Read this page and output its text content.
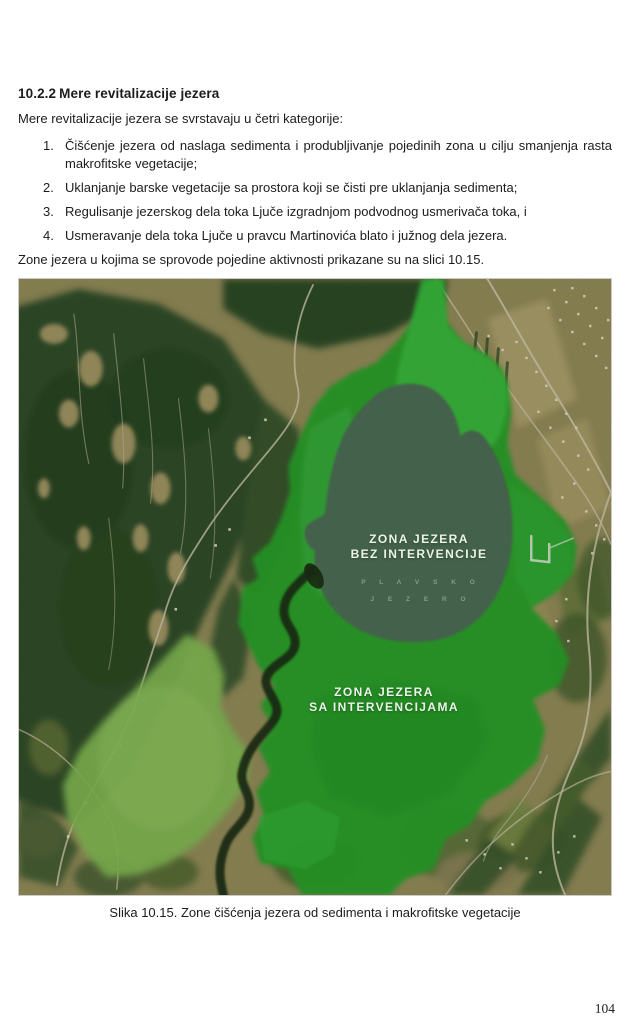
10.2.2 Mere revitalizacije jezera

Mere revitalizacije jezera se svrstavaju u četri kategorije:

1. Čišćenje jezera od naslaga sedimenta i produbljivanje pojedinih zona u cilju smanjenja rasta makrofitske vegetacije;
2. Uklanjanje barske vegetacije sa prostora koji se čisti pre uklanjanja sedimenta;
3. Regulisanje jezerskog dela toka Ljuče izgradnjom podvodnog usmerivača toka, i
4. Usmeravanje dela toka Ljuče u pravcu Martinovića blato i južnog dela jezera.

Zone jezera u kojima se sprovode pojedine aktivnosti prikazane su na slici 10.15.

ZONA JEZERA
BEZ INTERVENCIJE
ZONA JEZERA
SA INTERVENCIJAMA
P L A V S K O
J E Z E R O
Slika 10.15. Zone čišćenja jezera od sedimenta i makrofitske vegetacije
104
